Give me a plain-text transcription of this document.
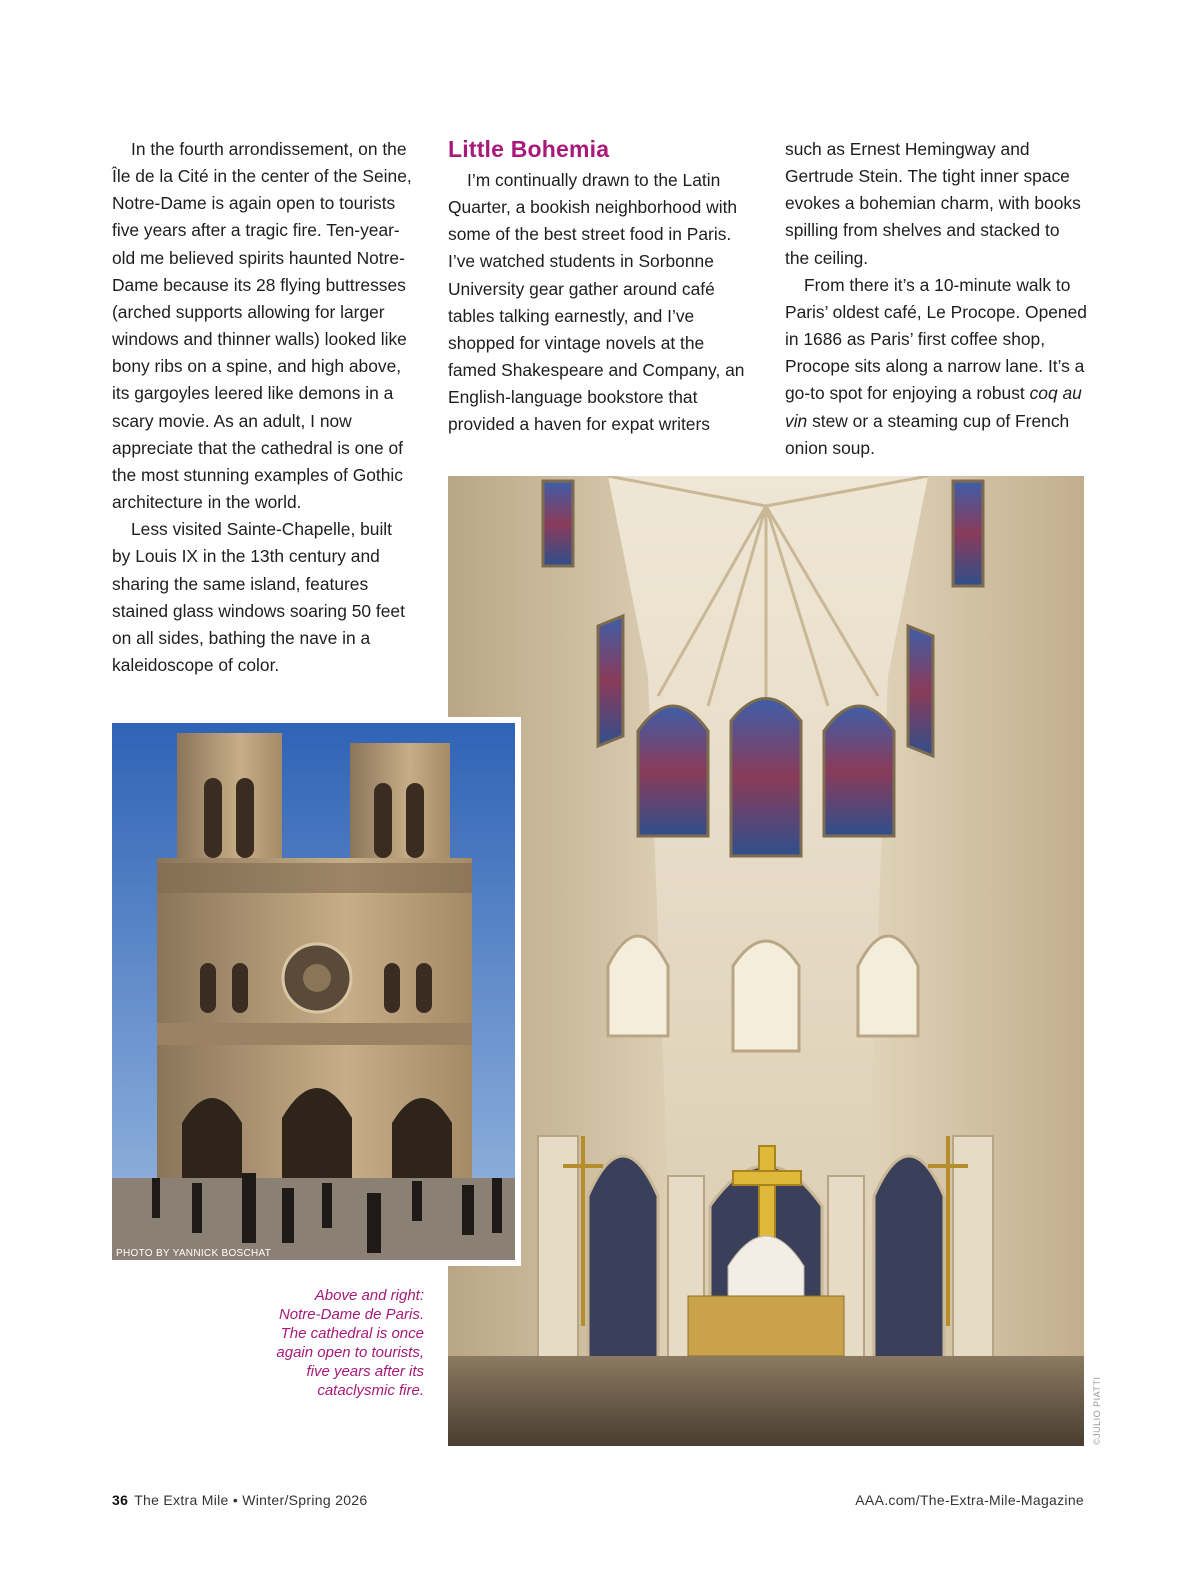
In the fourth arrondissement, on the Île de la Cité in the center of the Seine, Notre-Dame is again open to tourists five years after a tragic fire. Ten-year-old me believed spirits haunted Notre-Dame because its 28 flying buttresses (arched supports allowing for larger windows and thinner walls) looked like bony ribs on a spine, and high above, its gargoyles leered like demons in a scary movie. As an adult, I now appreciate that the cathedral is one of the most stunning examples of Gothic architecture in the world.

Less visited Sainte-Chapelle, built by Louis IX in the 13th century and sharing the same island, features stained glass windows soaring 50 feet on all sides, bathing the nave in a kaleidoscope of color.

Little Bohemia

I’m continually drawn to the Latin Quarter, a bookish neighborhood with some of the best street food in Paris. I’ve watched students in Sorbonne University gear gather around café tables talking earnestly, and I’ve shopped for vintage novels at the famed Shakespeare and Company, an English-language bookstore that provided a haven for expat writers

such as Ernest Hemingway and Gertrude Stein. The tight inner space evokes a bohemian charm, with books spilling from shelves and stacked to the ceiling.

From there it’s a 10-minute walk to Paris’ oldest café, Le Procope. Opened in 1686 as Paris’ first coffee shop, Procope sits along a narrow lane. It’s a go-to spot for enjoying a robust coq au vin stew or a steaming cup of French onion soup.

©JULIO PIATTI
PHOTO BY YANNICK BOSCHAT
Above and right:
Notre-Dame de Paris.
The cathedral is once
again open to tourists,
five years after its
cataclysmic fire.
36 The Extra Mile • Winter/Spring 2026	AAA.com/The-Extra-Mile-Magazine
